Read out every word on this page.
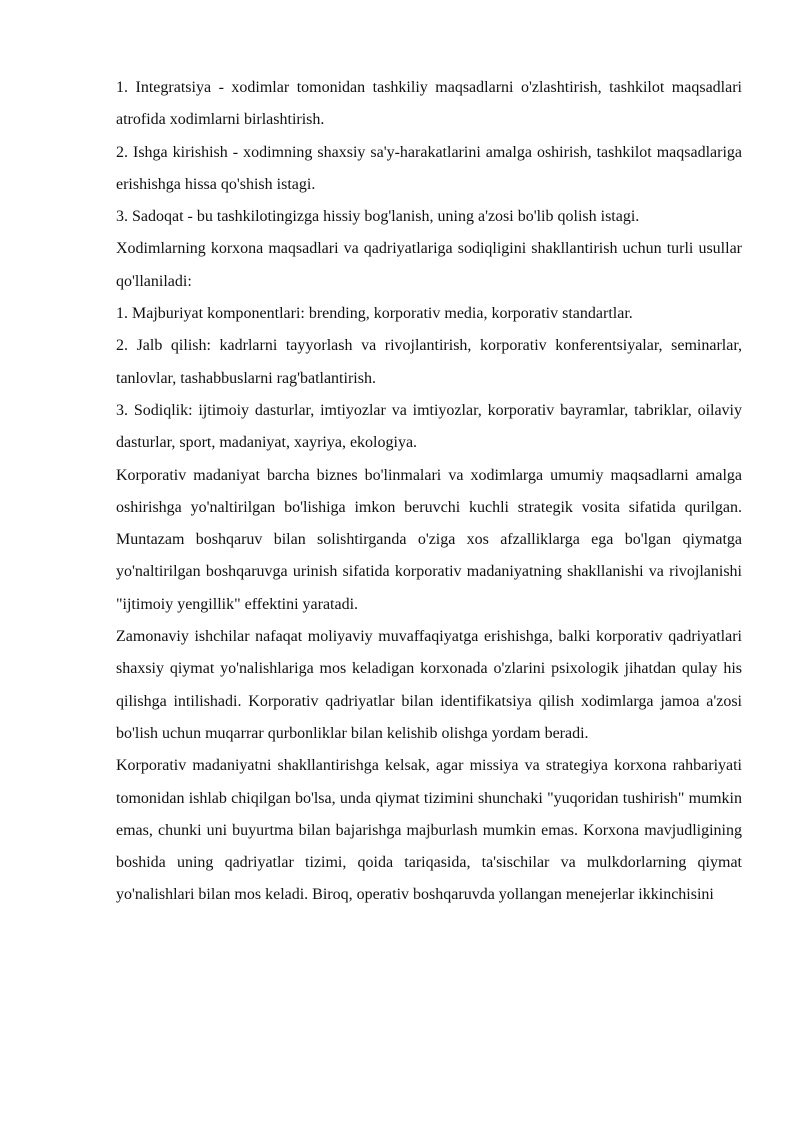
1. Integratsiya - xodimlar tomonidan tashkiliy maqsadlarni o'zlashtirish, tashkilot maqsadlari atrofida xodimlarni birlashtirish.

2. Ishga kirishish - xodimning shaxsiy sa'y-harakatlarini amalga oshirish, tashkilot maqsadlariga erishishga hissa qo'shish istagi.

3. Sadoqat - bu tashkilotingizga hissiy bog'lanish, uning a'zosi bo'lib qolish istagi.

Xodimlarning korxona maqsadlari va qadriyatlariga sodiqligini shakllantirish uchun turli usullar qo'llaniladi:

1. Majburiyat komponentlari: brending, korporativ media, korporativ standartlar.

2. Jalb qilish: kadrlarni tayyorlash va rivojlantirish, korporativ konferentsiyalar, seminarlar, tanlovlar, tashabbuslarni rag'batlantirish.

3. Sodiqlik: ijtimoiy dasturlar, imtiyozlar va imtiyozlar, korporativ bayramlar, tabriklar, oilaviy dasturlar, sport, madaniyat, xayriya, ekologiya.

Korporativ madaniyat barcha biznes bo'linmalari va xodimlarga umumiy maqsadlarni amalga oshirishga yo'naltirilgan bo'lishiga imkon beruvchi kuchli strategik vosita sifatida qurilgan. Muntazam boshqaruv bilan solishtirganda o'ziga xos afzalliklarga ega bo'lgan qiymatga yo'naltirilgan boshqaruvga urinish sifatida korporativ madaniyatning shakllanishi va rivojlanishi "ijtimoiy yengillik" effektini yaratadi.

Zamonaviy ishchilar nafaqat moliyaviy muvaffaqiyatga erishishga, balki korporativ qadriyatlari shaxsiy qiymat yo'nalishlariga mos keladigan korxonada o'zlarini psixologik jihatdan qulay his qilishga intilishadi. Korporativ qadriyatlar bilan identifikatsiya qilish xodimlarga jamoa a'zosi bo'lish uchun muqarrar qurbonliklar bilan kelishib olishga yordam beradi.

Korporativ madaniyatni shakllantirishga kelsak, agar missiya va strategiya korxona rahbariyati tomonidan ishlab chiqilgan bo'lsa, unda qiymat tizimini shunchaki "yuqoridan tushirish" mumkin emas, chunki uni buyurtma bilan bajarishga majburlash mumkin emas. Korxona mavjudligining boshida uning qadriyatlar tizimi, qoida tariqasida, ta'sischilar va mulkdorlarning qiymat yo'nalishlari bilan mos keladi. Biroq, operativ boshqaruvda yollangan menejerlar ikkinchisini
